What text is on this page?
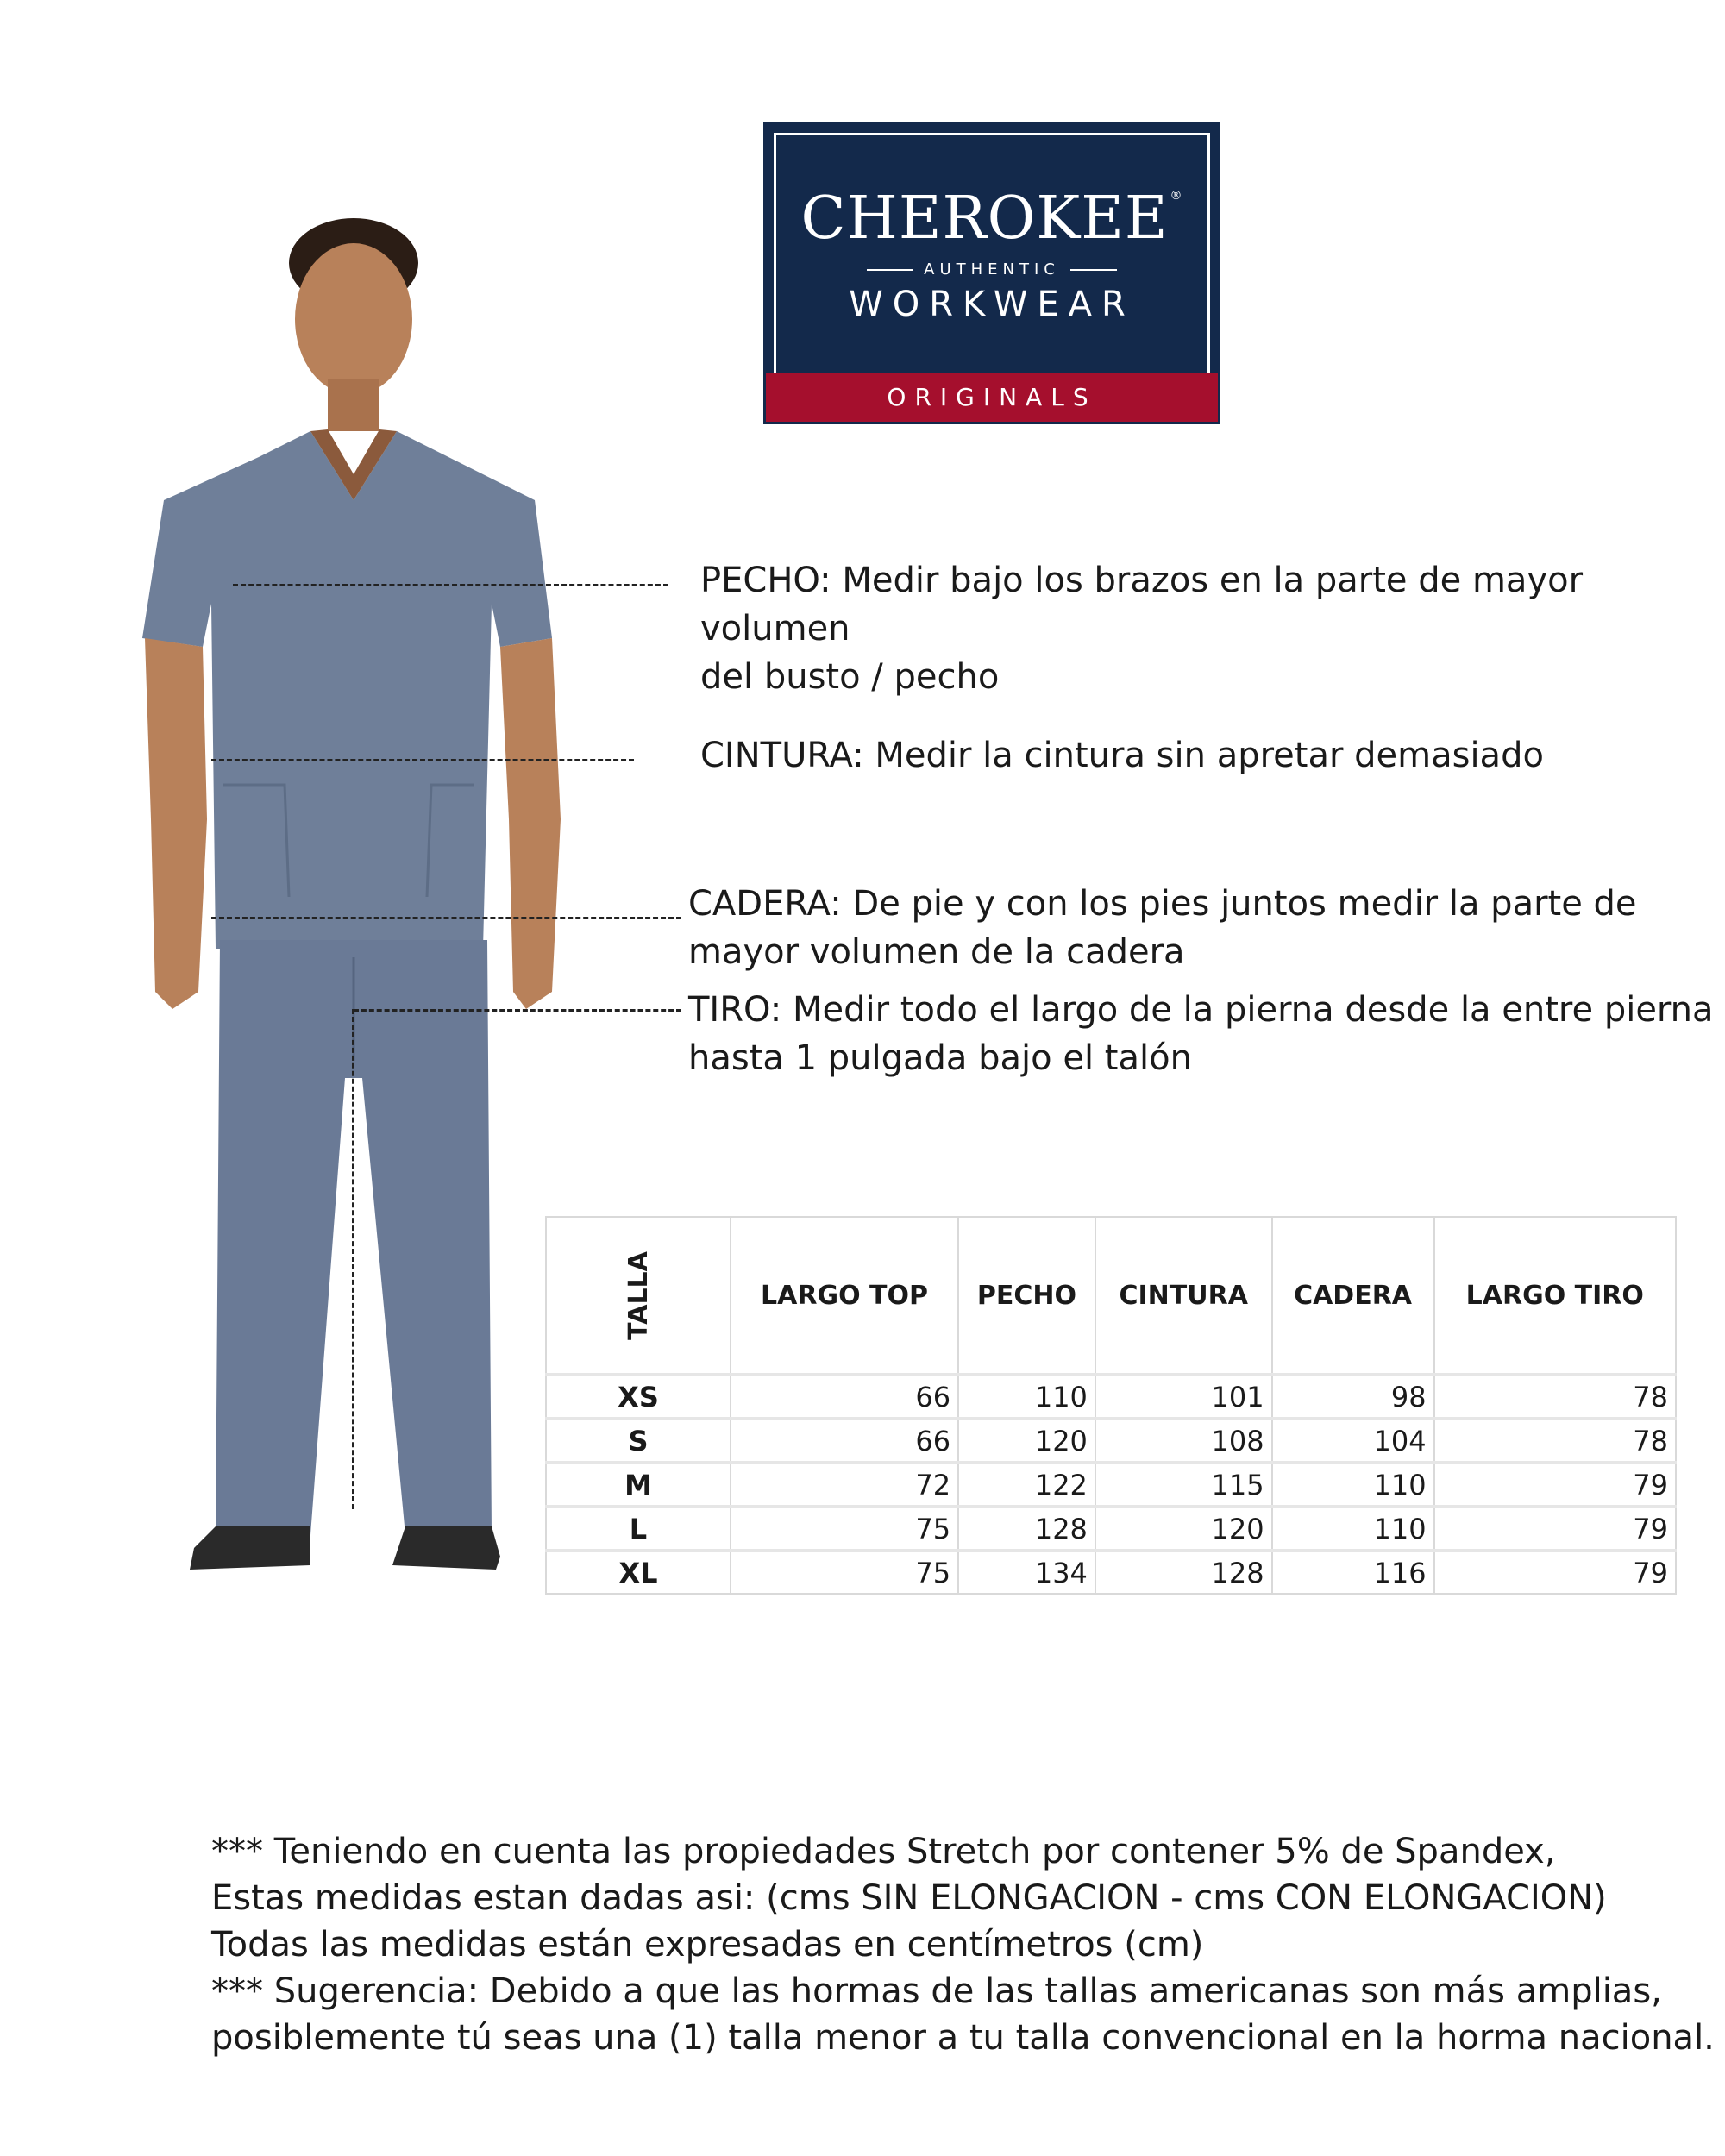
CHEROKEE ®
AUTHENTIC
WORKWEAR
ORIGINALS
PECHO: Medir bajo los brazos en la parte de mayor volumen
del busto / pecho
CINTURA: Medir la cintura sin apretar demasiado
CADERA: De pie y con los pies juntos medir la parte de
mayor volumen de la cadera
TIRO: Medir todo el largo de la pierna desde la entre pierna
hasta 1 pulgada bajo el talón
TALLA	LARGO TOP	PECHO	CINTURA	CADERA	LARGO TIRO
XS	66	110	101	98	78
S	66	120	108	104	78
M	72	122	115	110	79
L	75	128	120	110	79
XL	75	134	128	116	79
*** Teniendo en cuenta las propiedades Stretch por contener 5% de Spandex,
Estas medidas estan dadas asi: (cms SIN ELONGACION - cms CON ELONGACION)
Todas las medidas están expresadas en centímetros (cm)
*** Sugerencia: Debido a que las hormas de las tallas americanas son más amplias,
posiblemente tú seas una (1) talla menor a tu talla convencional en la horma nacional.
